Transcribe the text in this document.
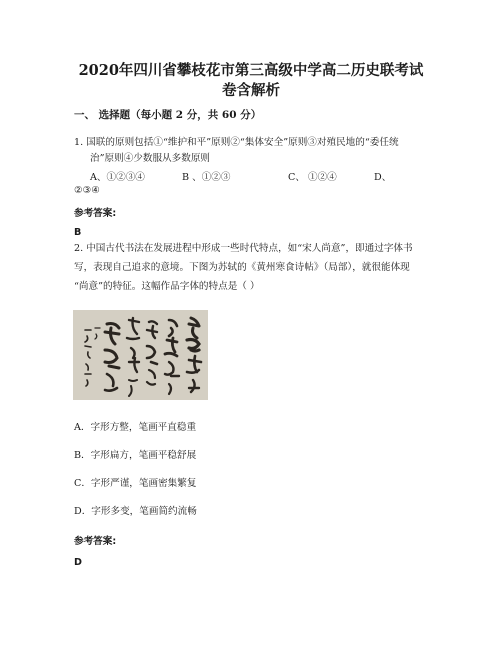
2020年四川省攀枝花市第三高级中学高二历史联考试
卷含解析
一、 选择题（每小题 2 分，共 60 分）
1. 国联的原则包括①“维护和平”原则②“集体安全”原则③对殖民地的“委任统
治”原则④少数服从多数原则
A、①②③④	B 、①②③	C、 ①②④	D、
②③④
参考答案:
B
2. 中国古代书法在发展进程中形成一些时代特点，如“宋人尚意”，即通过字体书
写，表现自己追求的意境。下图为苏轼的《黄州寒食诗帖》（局部），就很能体现
“尚意”的特征。这幅作品字体的特点是（ ）
A．字形方整，笔画平直稳重
B．字形扁方，笔画平稳舒展
C．字形严谨，笔画密集繁复
D．字形多变，笔画简约流畅
参考答案:
D
